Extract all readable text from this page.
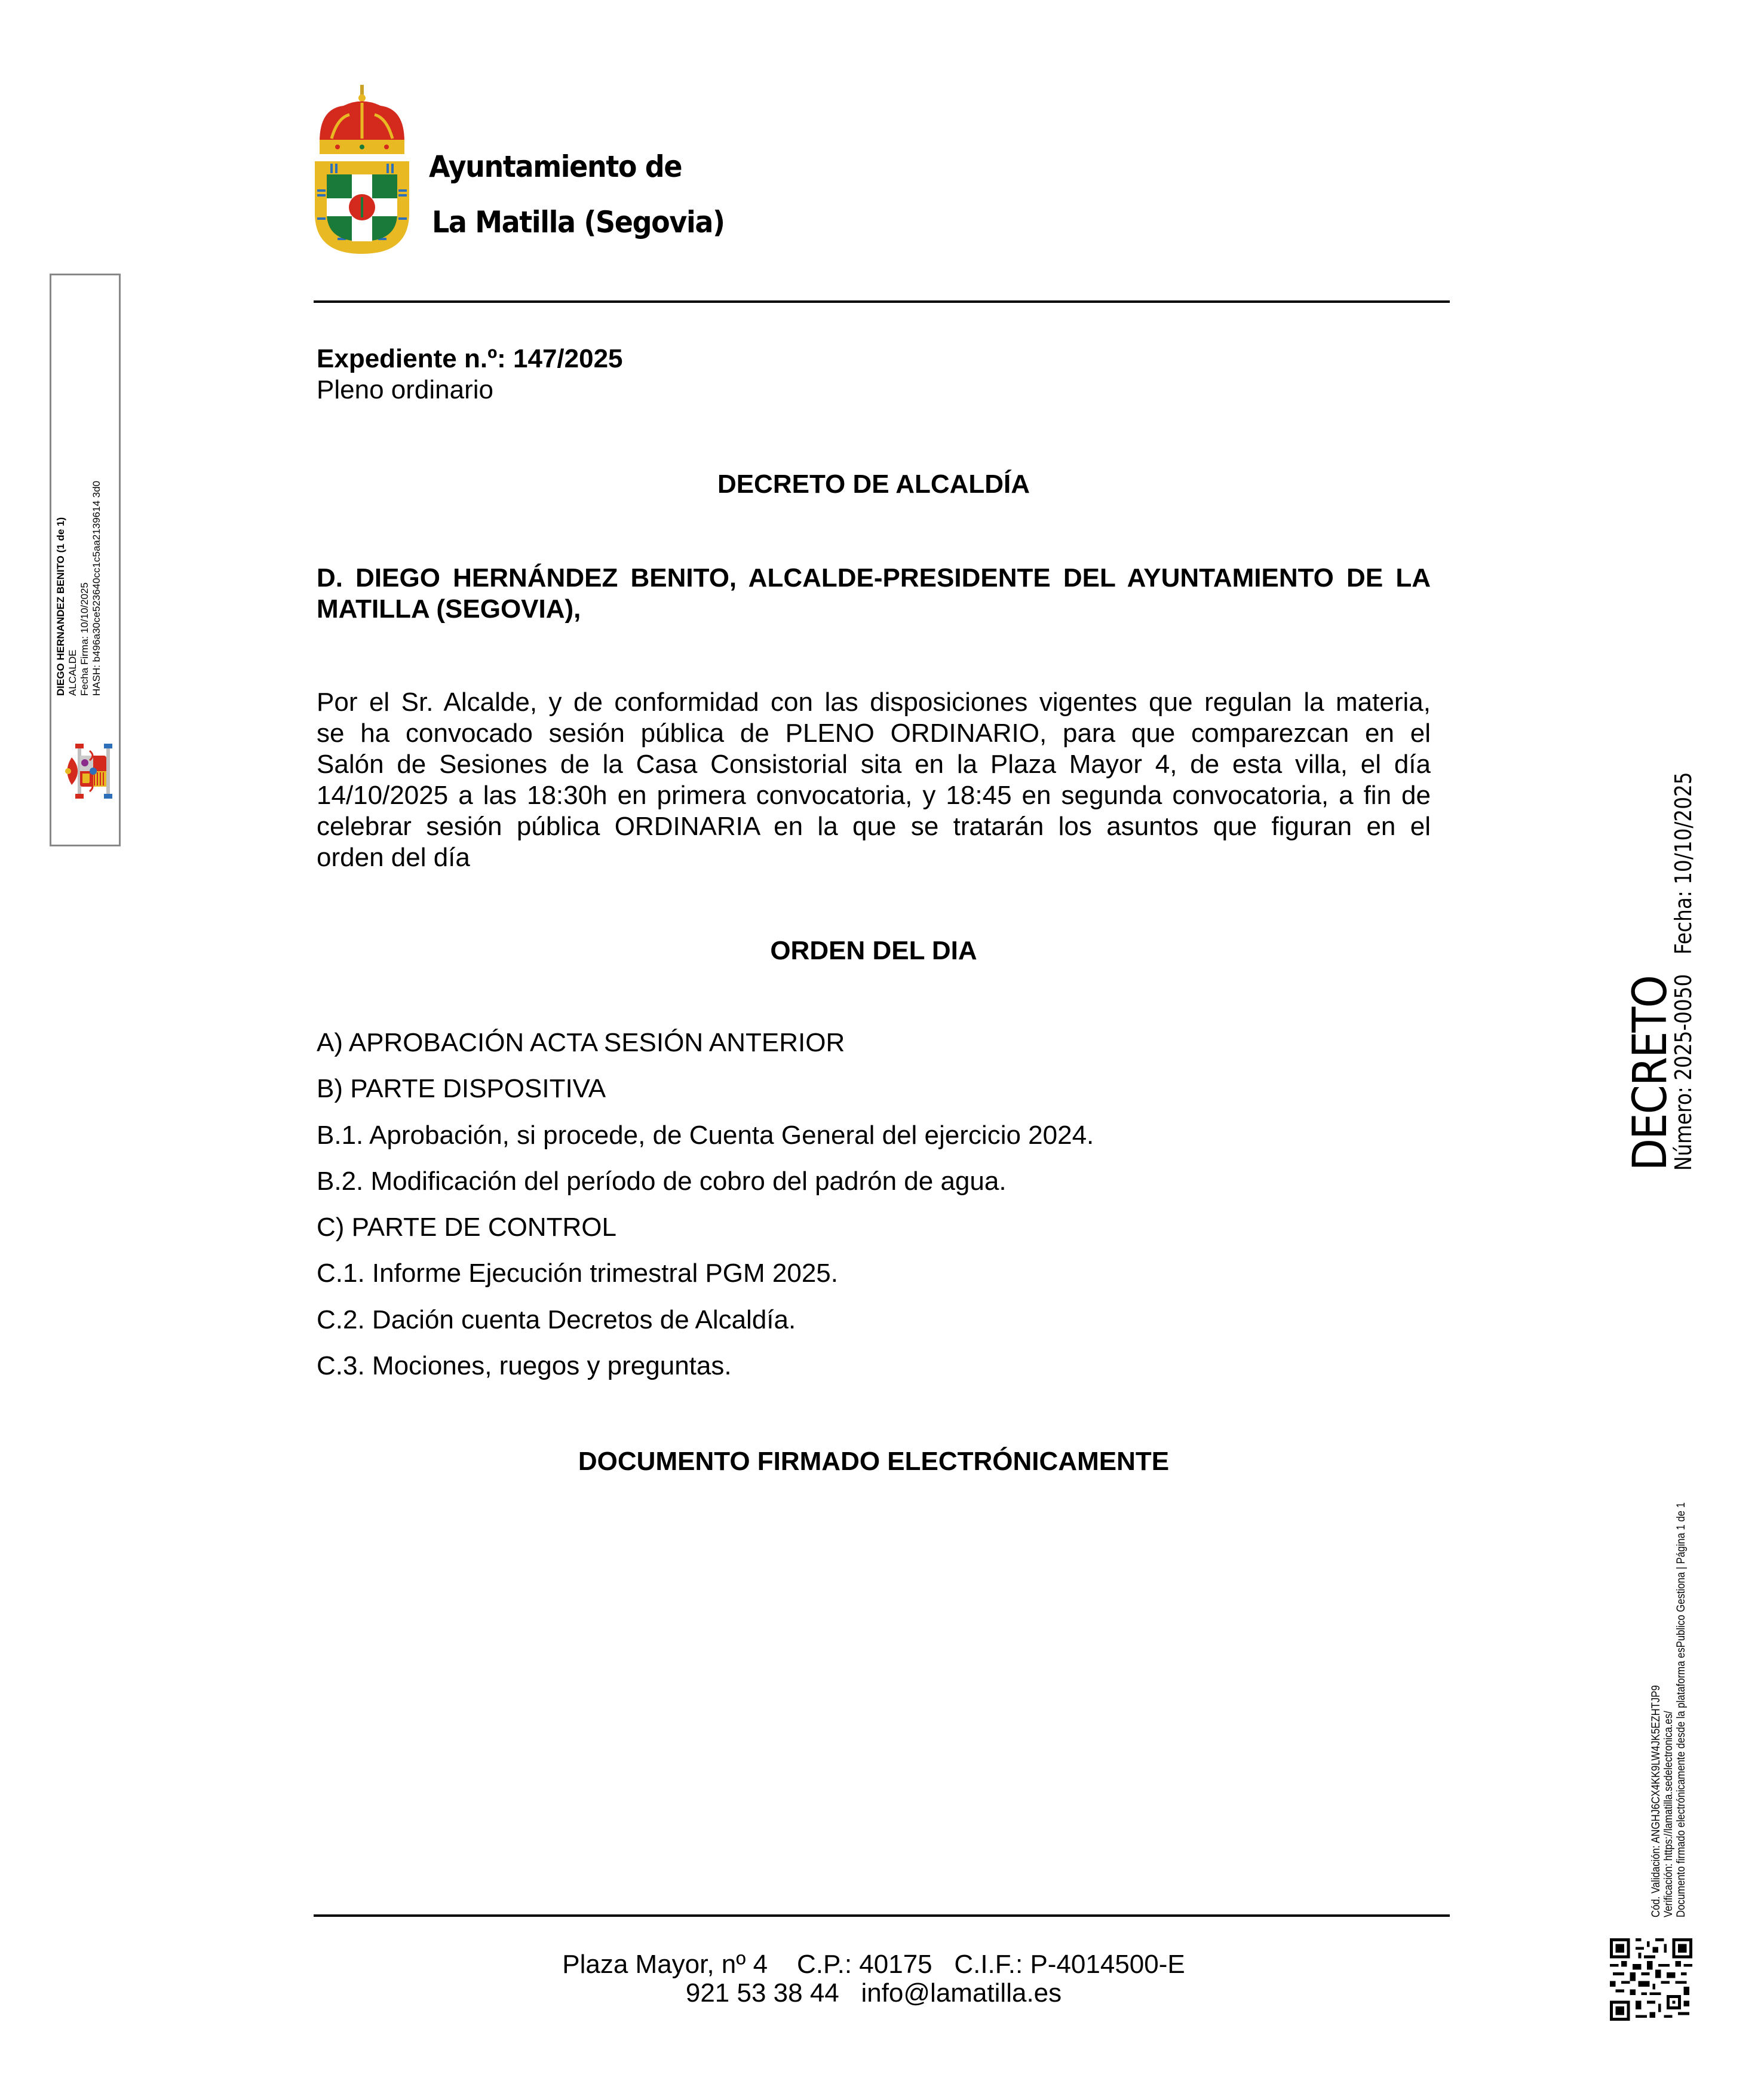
Ayuntamiento de
La Matilla (Segovia)
Expediente n.º: 147/2025
Pleno ordinario
DECRETO DE ALCALDÍA
D. DIEGO HERNÁNDEZ BENITO, ALCALDE-PRESIDENTE DEL AYUNTAMIENTO DE LA
MATILLA (SEGOVIA),
Por el Sr. Alcalde, y de conformidad con las disposiciones vigentes que regulan la materia,
se ha convocado sesión pública de PLENO ORDINARIO, para que comparezcan en el
Salón de Sesiones de la Casa Consistorial sita en la Plaza Mayor 4, de esta villa, el día
14/10/2025 a las 18:30h en primera convocatoria, y 18:45 en segunda convocatoria, a fin de
celebrar sesión pública ORDINARIA en la que se tratarán los asuntos que figuran en el
orden del día
ORDEN DEL DIA
A) APROBACIÓN ACTA SESIÓN ANTERIOR
B) PARTE DISPOSITIVA
B.1. Aprobación, si procede, de Cuenta General del ejercicio 2024.
B.2. Modificación del período de cobro del padrón de agua.
C) PARTE DE CONTROL
C.1. Informe Ejecución trimestral PGM 2025.
C.2. Dación cuenta Decretos de Alcaldía.
C.3. Mociones, ruegos y preguntas.
DOCUMENTO FIRMADO ELECTRÓNICAMENTE
Plaza Mayor, nº 4    C.P.: 40175   C.I.F.: P-4014500-E
921 53 38 44   info@lamatilla.es
DIEGO HERNANDEZ BENITO (1 de 1) ALCALDE Fecha Firma: 10/10/2025 HASH: b496a30ce523640cc1c5aa2139614 3d0
DECRETO
Número: 2025-0050Fecha: 10/10/2025
Cód. Validación: ANGHJ6CX4KK9LW4JK5EZHTJP9 Verificación: https://lamatilla.sedelectronica.es/ Documento firmado electrónicamente desde la plataforma esPublico Gestiona | Página 1 de 1
